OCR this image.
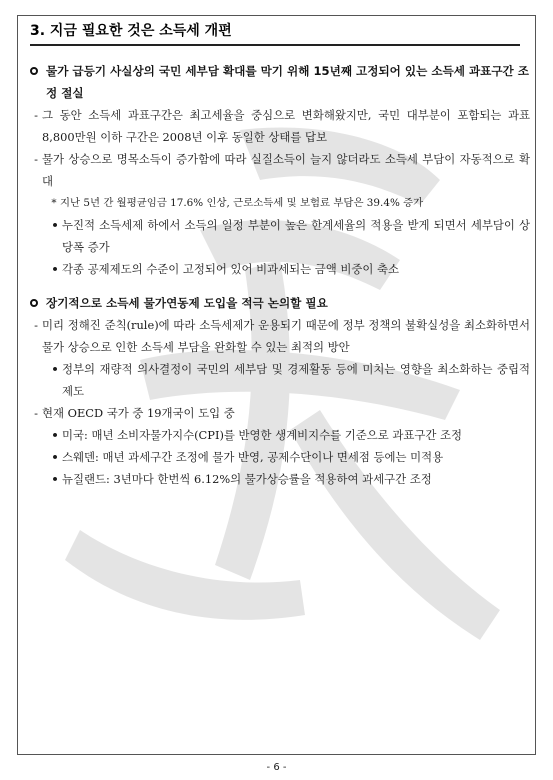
3. 지금 필요한 것은 소득세 개편
물가 급등기 사실상의 국민 세부담 확대를 막기 위해 15년째 고정되어 있는 소득세 과표구간 조정 절실
- 그 동안 소득세 과표구간은 최고세율을 중심으로 변화해왔지만, 국민 대부분이 포함되는 과표 8,800만원 이하 구간은 2008년 이후 동일한 상태를 답보
- 물가 상승으로 명목소득이 증가함에 따라 실질소득이 늘지 않더라도 소득세 부담이 자동적으로 확대
* 지난 5년 간 월평균임금 17.6% 인상, 근로소득세 및 보험료 부담은 39.4% 증가
• 누진적 소득세제 하에서 소득의 일정 부분이 높은 한계세율의 적용을 받게 되면서 세부담이 상당폭 증가
• 각종 공제제도의 수준이 고정되어 있어 비과세되는 금액 비중이 축소
장기적으로 소득세 물가연동제 도입을 적극 논의할 필요
- 미리 정해진 준칙(rule)에 따라 소득세제가 운용되기 때문에 정부 정책의 불확실성을 최소화하면서 물가 상승으로 인한 소득세 부담을 완화할 수 있는 최적의 방안
• 정부의 재량적 의사결정이 국민의 세부담 및 경제활동 등에 미치는 영향을 최소화하는 중립적 제도
- 현재 OECD 국가 중 19개국이 도입 중
• 미국: 매년 소비자물가지수(CPI)를 반영한 생계비지수를 기준으로 과표구간 조정
• 스웨덴: 매년 과세구간 조정에 물가 반영, 공제수단이나 면세점 등에는 미적용
• 뉴질랜드: 3년마다 한번씩 6.12%의 물가상승률을 적용하여 과세구간 조정
- 6 -
